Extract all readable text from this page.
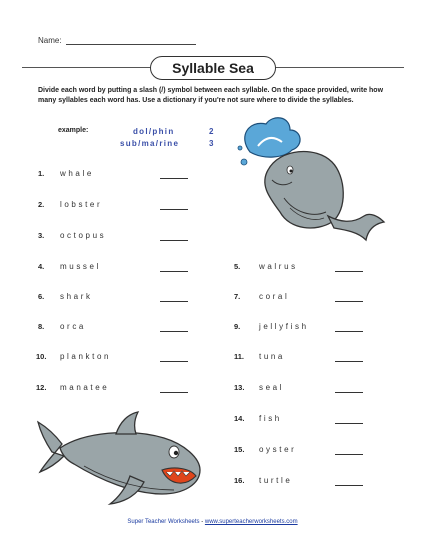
Name:
Syllable Sea
Divide each word by putting a slash (/) symbol between each syllable. On the space provided, write how many syllables each word has. Use a dictionary if you're not sure where to divide the syllables.
example:	dol/phin	2
sub/ma/rine	3
1. whale
2. lobster
3. octopus
4. mussel
6. shark
8. orca
10. plankton
12. manatee
5. walrus
7. coral
9. jellyfish
11. tuna
13. seal
14. fish
15. oyster
16. turtle
Super Teacher Worksheets - www.superteacherworksheets.com
